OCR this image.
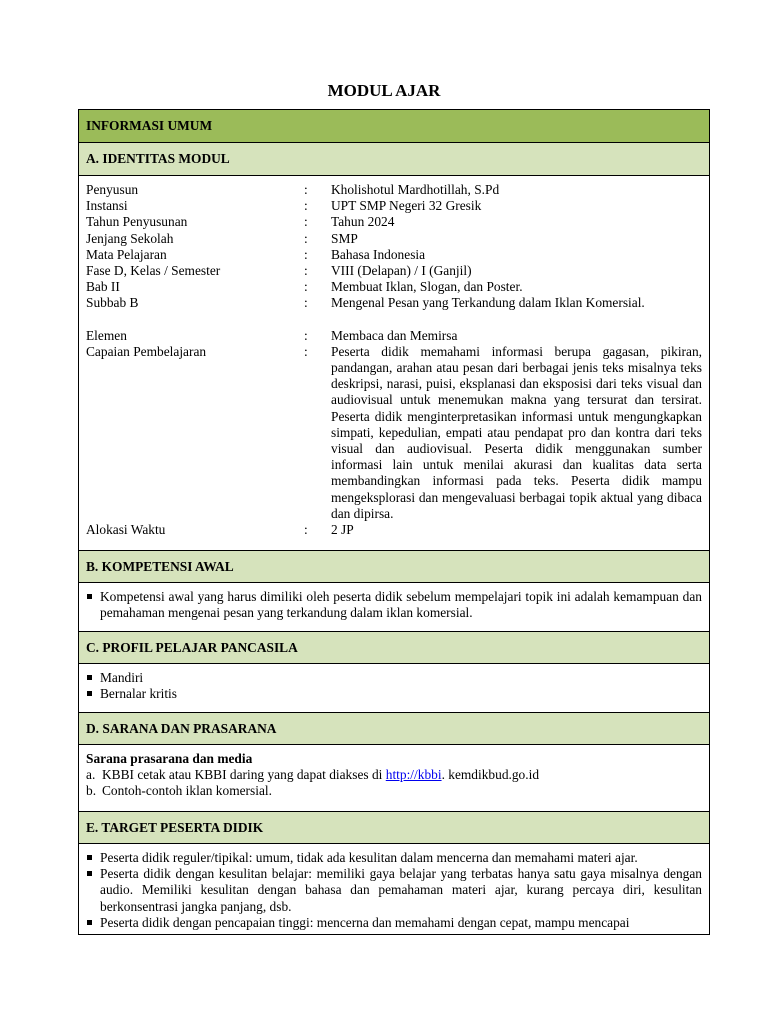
MODUL AJAR
INFORMASI UMUM
A. IDENTITAS MODUL
Penyusun	:	Kholishotul Mardhotillah, S.Pd
Instansi	:	UPT SMP Negeri 32 Gresik
Tahun Penyusunan	:	Tahun 2024
Jenjang Sekolah	:	SMP
Mata Pelajaran	:	Bahasa Indonesia
Fase D, Kelas / Semester	:	VIII (Delapan) / I (Ganjil)
Bab II	:	Membuat Iklan, Slogan, dan Poster.
Subbab B	:	Mengenal Pesan yang Terkandung dalam Iklan Komersial.
Elemen	:	Membaca dan Memirsa
Capaian Pembelajaran	:	Peserta didik memahami informasi berupa gagasan, pikiran, pandangan, arahan atau pesan dari berbagai jenis teks misalnya teks deskripsi, narasi, puisi, eksplanasi dan eksposisi dari teks visual dan audiovisual untuk menemukan makna yang tersurat dan tersirat. Peserta didik menginterpretasikan informasi untuk mengungkapkan simpati, kepedulian, empati atau pendapat pro dan kontra dari teks visual dan audiovisual. Peserta didik menggunakan sumber informasi lain untuk menilai akurasi dan kualitas data serta membandingkan informasi pada teks. Peserta didik mampu mengeksplorasi dan mengevaluasi berbagai topik aktual yang dibaca dan dipirsa.
Alokasi Waktu	:	2 JP
B. KOMPETENSI AWAL
Kompetensi awal yang harus dimiliki oleh peserta didik sebelum mempelajari topik ini adalah kemampuan dan pemahaman mengenai pesan yang terkandung dalam iklan komersial.
C. PROFIL PELAJAR PANCASILA
Mandiri
Bernalar kritis
D. SARANA DAN PRASARANA
Sarana prasarana dan media
a. KBBI cetak atau KBBI daring yang dapat diakses di http://kbbi. kemdikbud.go.id
b. Contoh-contoh iklan komersial.
E. TARGET PESERTA DIDIK
Peserta didik reguler/tipikal: umum, tidak ada kesulitan dalam mencerna dan memahami materi ajar.
Peserta didik dengan kesulitan belajar: memiliki gaya belajar yang terbatas hanya satu gaya misalnya dengan audio. Memiliki kesulitan dengan bahasa dan pemahaman materi ajar, kurang percaya diri, kesulitan berkonsentrasi jangka panjang, dsb.
Peserta didik dengan pencapaian tinggi: mencerna dan memahami dengan cepat, mampu mencapai
